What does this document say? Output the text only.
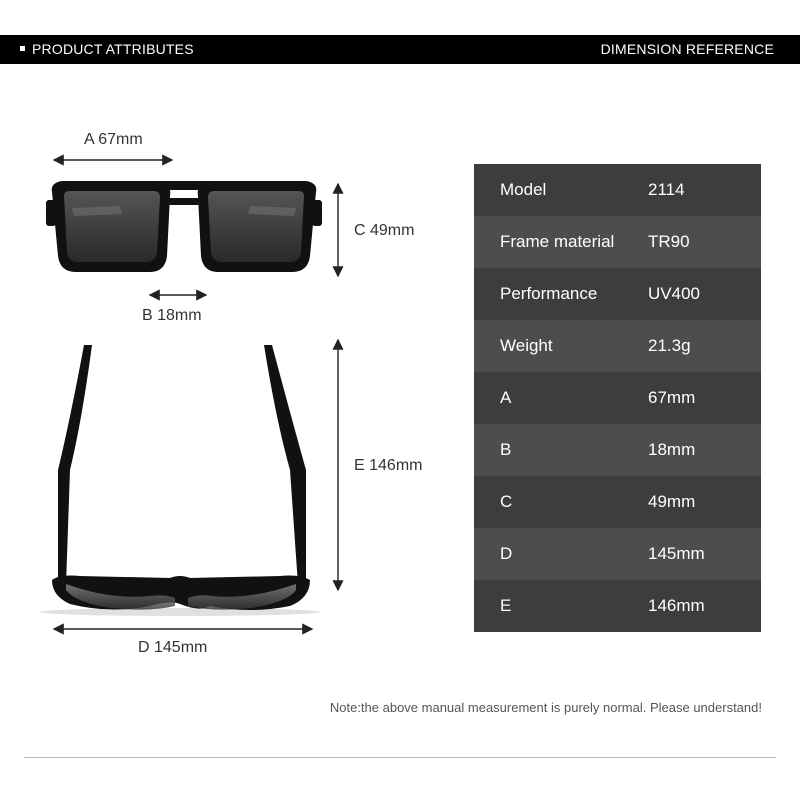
PRODUCT ATTRIBUTES	DIMENSION REFERENCE
A 67mm
B 18mm
C 49mm
E 146mm
D 145mm
Model	2114
Frame material TR90
Performance	UV400
Weight	21.3g
A	67mm
B	18mm
C	49mm
D	145mm
E	146mm
Note:the above manual measurement is purely normal. Please understand!
